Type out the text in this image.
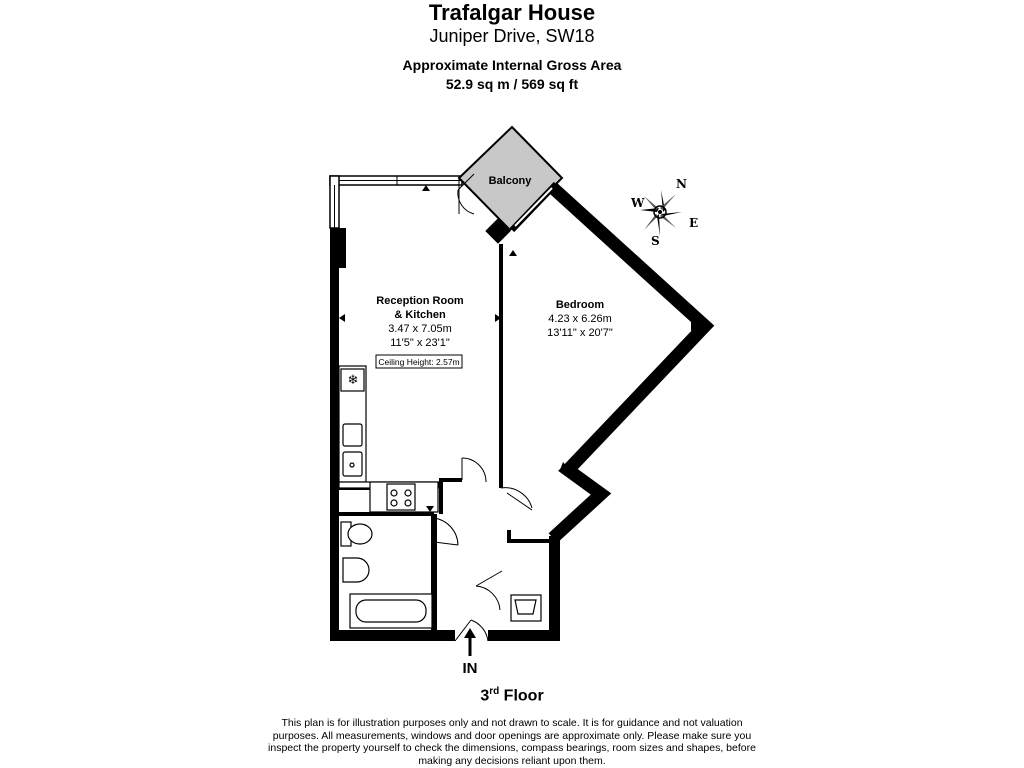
Trafalgar House
Juniper Drive, SW18
Approximate Internal Gross Area
52.9 sq m / 569 sq ft
Balcony
❄
Reception Room
& Kitchen
3.47 x 7.05m
11'5" x 23'1"
Ceiling Height: 2.57m
Bedroom
4.23 x 6.26m
13'11" x 20'7"
N
W
E
S
IN
3rd Floor
This plan is for illustration purposes only and not drawn to scale. It is for guidance and not valuation purposes. All measurements, windows and door openings are approximate only. Please make sure you inspect the property yourself to check the dimensions, compass bearings, room sizes and shapes, before making any decisions reliant upon them.
